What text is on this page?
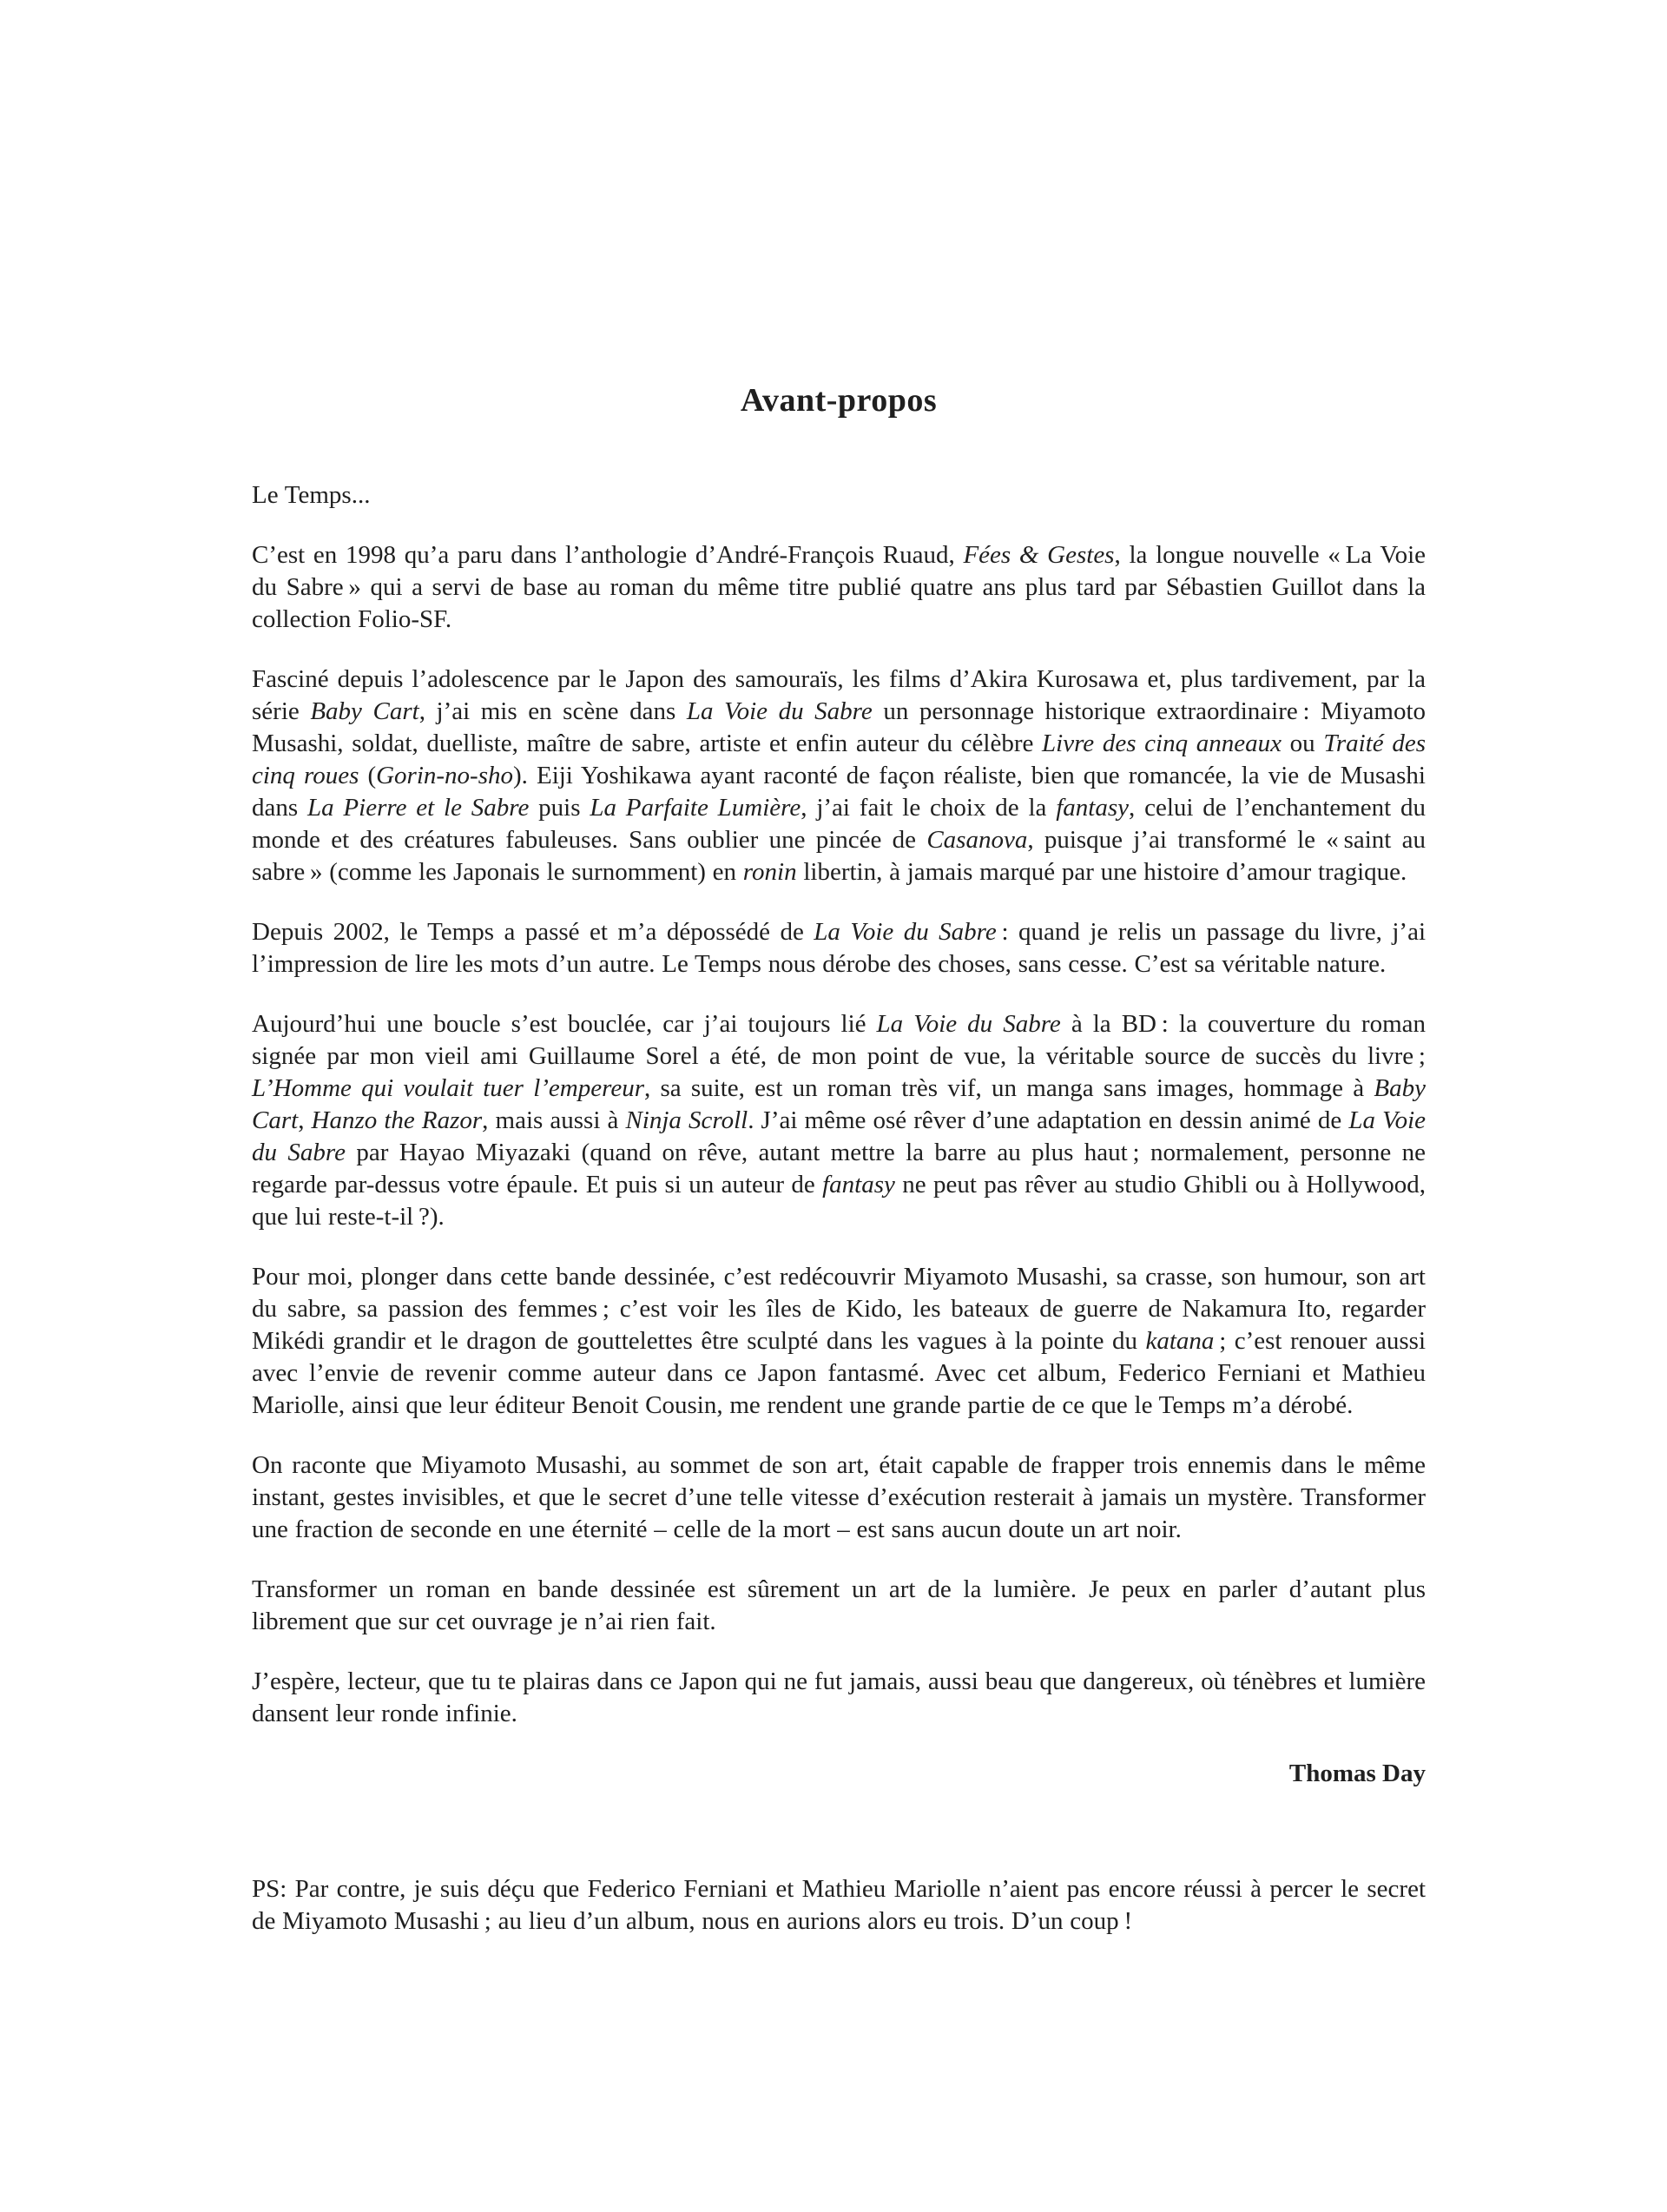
Avant-propos

Le Temps...

C’est en 1998 qu’a paru dans l’anthologie d’André-François Ruaud, Fées & Gestes, la longue nouvelle « La Voie du Sabre » qui a servi de base au roman du même titre publié quatre ans plus tard par Sébastien Guillot dans la collection Folio-SF.

Fasciné depuis l’adolescence par le Japon des samouraïs, les films d’Akira Kurosawa et, plus tardivement, par la série Baby Cart, j’ai mis en scène dans La Voie du Sabre un personnage historique extraordinaire : Miyamoto Musashi, soldat, duelliste, maître de sabre, artiste et enfin auteur du célèbre Livre des cinq anneaux ou Traité des cinq roues (Gorin-no-sho). Eiji Yoshikawa ayant raconté de façon réaliste, bien que romancée, la vie de Musashi dans La Pierre et le Sabre puis La Parfaite Lumière, j’ai fait le choix de la fantasy, celui de l’enchantement du monde et des créatures fabuleuses. Sans oublier une pincée de Casanova, puisque j’ai transformé le « saint au sabre » (comme les Japonais le surnomment) en ronin libertin, à jamais marqué par une histoire d’amour tragique.

Depuis 2002, le Temps a passé et m’a dépossédé de La Voie du Sabre : quand je relis un passage du livre, j’ai l’impression de lire les mots d’un autre. Le Temps nous dérobe des choses, sans cesse. C’est sa véritable nature.

Aujourd’hui une boucle s’est bouclée, car j’ai toujours lié La Voie du Sabre à la BD : la couverture du roman signée par mon vieil ami Guillaume Sorel a été, de mon point de vue, la véritable source de succès du livre ; L’Homme qui voulait tuer l’empereur, sa suite, est un roman très vif, un manga sans images, hommage à Baby Cart, Hanzo the Razor, mais aussi à Ninja Scroll. J’ai même osé rêver d’une adaptation en dessin animé de La Voie du Sabre par Hayao Miyazaki (quand on rêve, autant mettre la barre au plus haut ; normalement, personne ne regarde par-dessus votre épaule. Et puis si un auteur de fantasy ne peut pas rêver au studio Ghibli ou à Hollywood, que lui reste-t-il ?).

Pour moi, plonger dans cette bande dessinée, c’est redécouvrir Miyamoto Musashi, sa crasse, son humour, son art du sabre, sa passion des femmes ; c’est voir les îles de Kido, les bateaux de guerre de Nakamura Ito, regarder Mikédi grandir et le dragon de gouttelettes être sculpté dans les vagues à la pointe du katana ; c’est renouer aussi avec l’envie de revenir comme auteur dans ce Japon fantasmé. Avec cet album, Federico Ferniani et Mathieu Mariolle, ainsi que leur éditeur Benoit Cousin, me rendent une grande partie de ce que le Temps m’a dérobé.

On raconte que Miyamoto Musashi, au sommet de son art, était capable de frapper trois ennemis dans le même instant, gestes invisibles, et que le secret d’une telle vitesse d’exécution resterait à jamais un mystère. Transformer une fraction de seconde en une éternité – celle de la mort – est sans aucun doute un art noir.

Transformer un roman en bande dessinée est sûrement un art de la lumière. Je peux en parler d’autant plus librement que sur cet ouvrage je n’ai rien fait.

J’espère, lecteur, que tu te plairas dans ce Japon qui ne fut jamais, aussi beau que dangereux, où ténèbres et lumière dansent leur ronde infinie.

Thomas Day

PS: Par contre, je suis déçu que Federico Ferniani et Mathieu Mariolle n’aient pas encore réussi à percer le secret de Miyamoto Musashi ; au lieu d’un album, nous en aurions alors eu trois. D’un coup !
